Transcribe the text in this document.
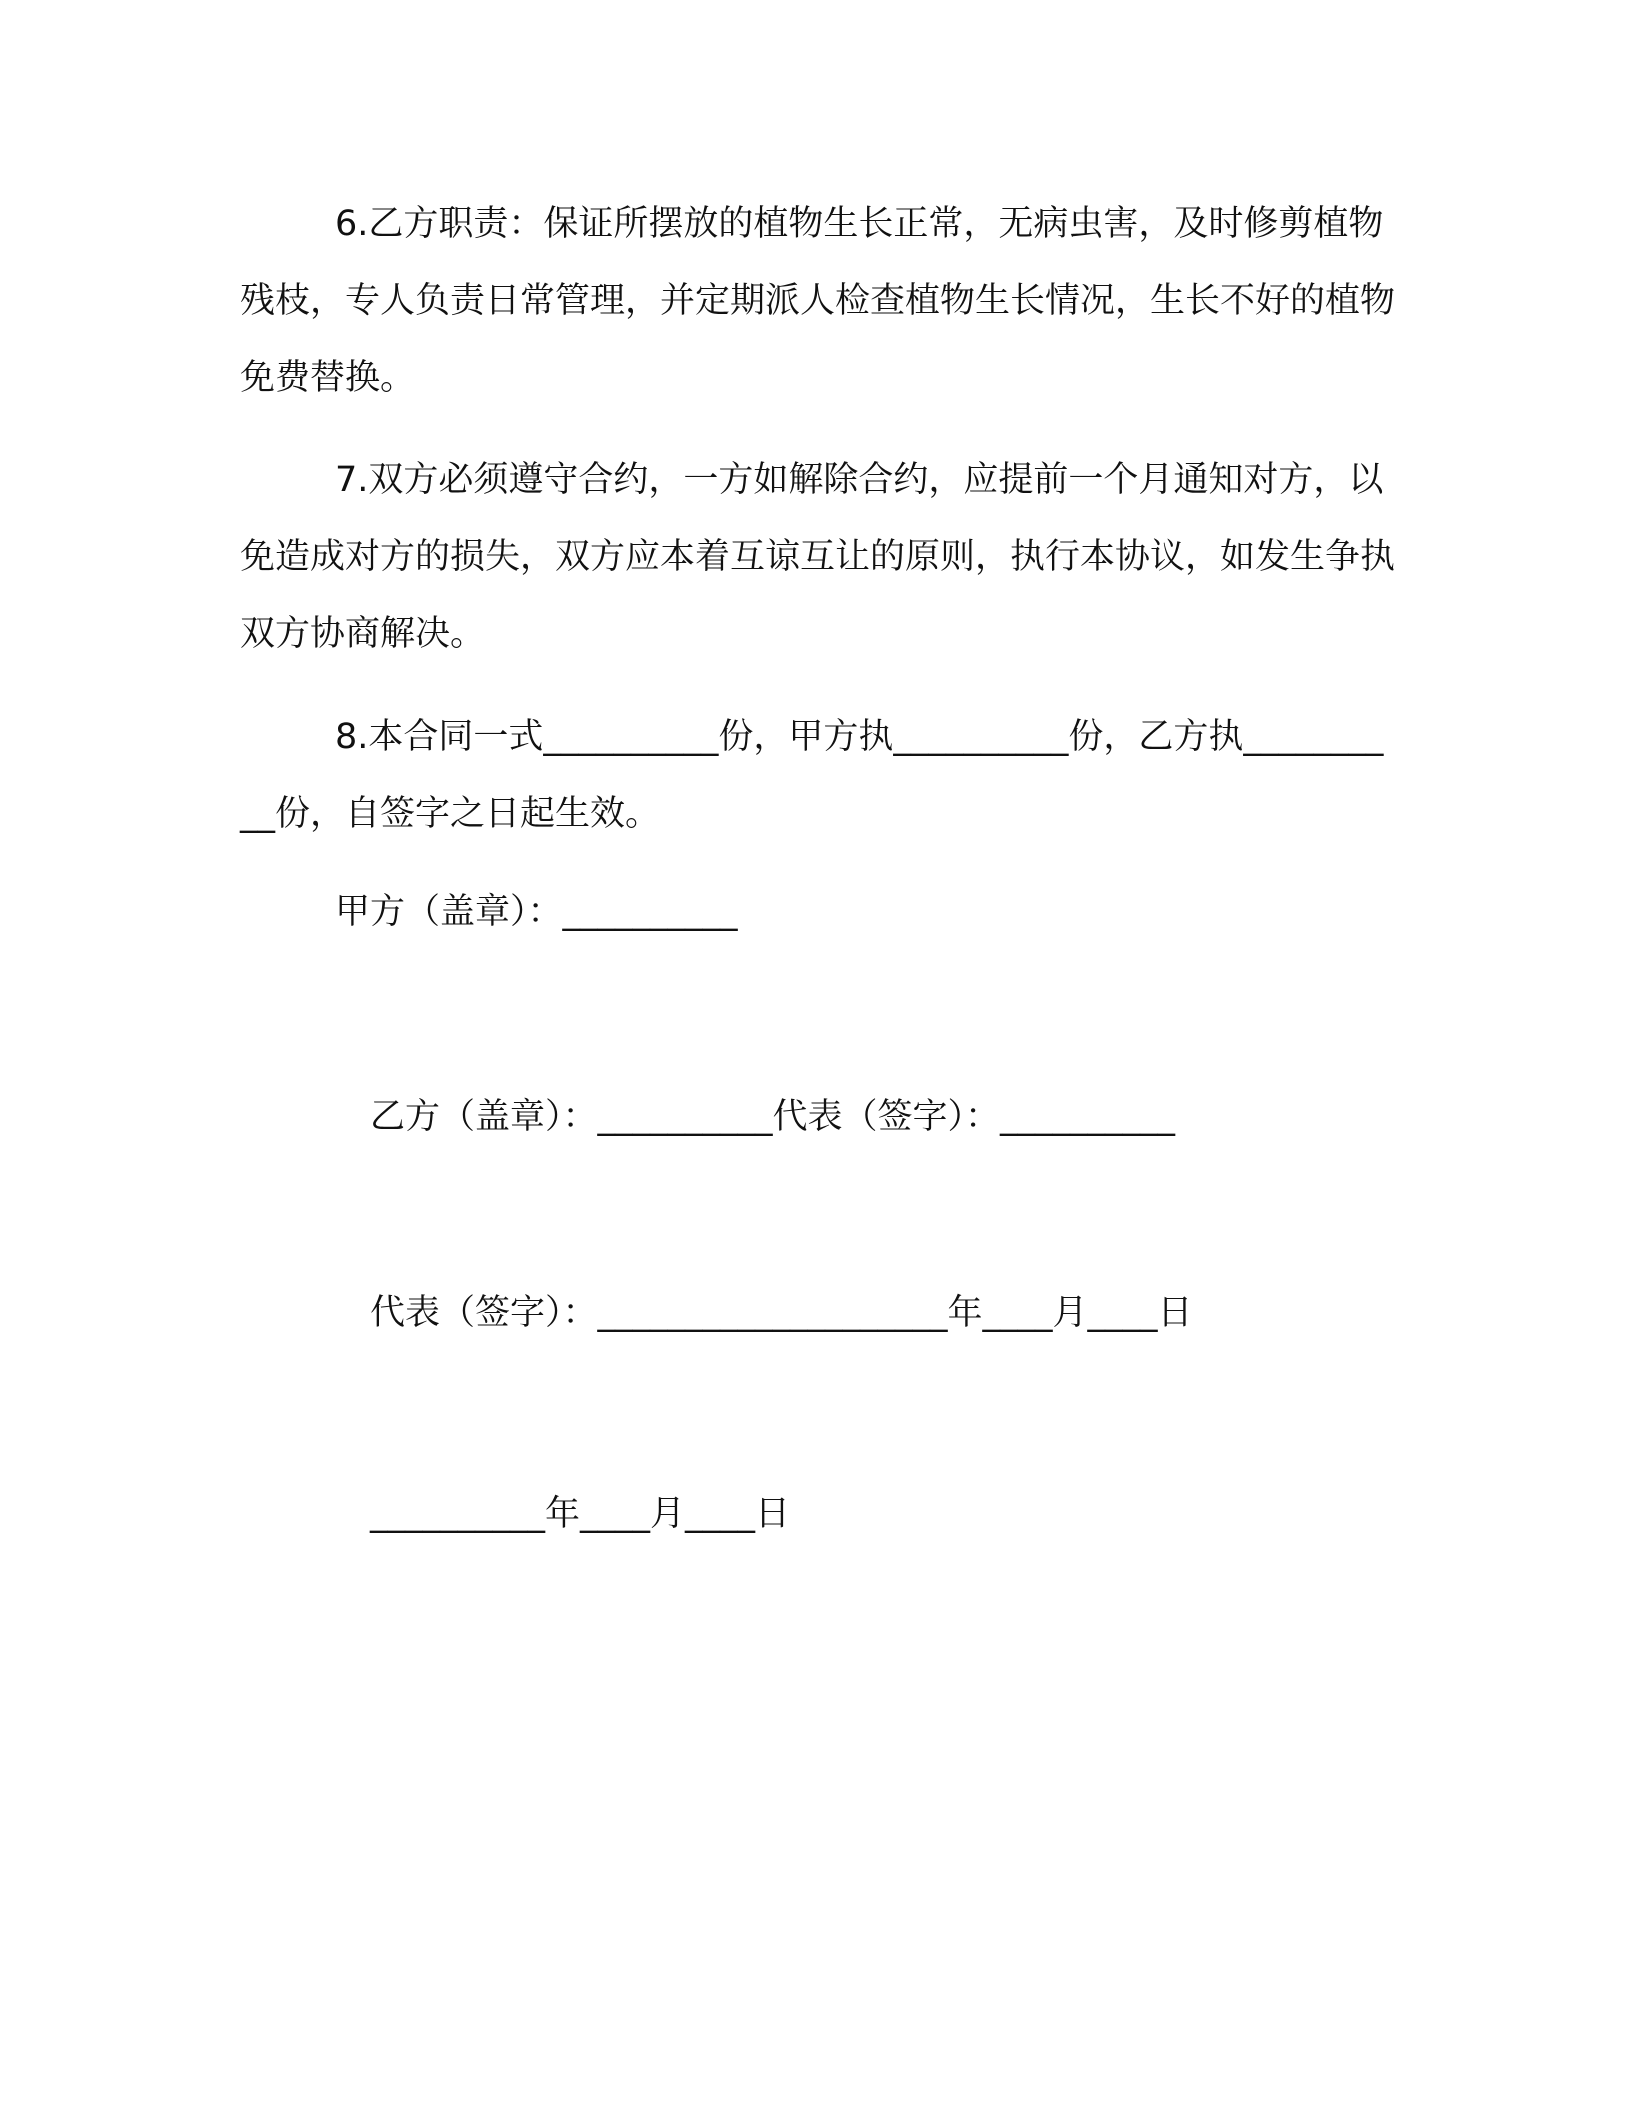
6.乙方职责：保证所摆放的植物生长正常，无病虫害，及时修剪植物残枝，专人负责日常管理，并定期派人检查植物生长情况，生长不好的植物免费替换。

7.双方必须遵守合约，一方如解除合约，应提前一个月通知对方，以免造成对方的损失，双方应本着互谅互让的原则，执行本协议，如发生争执双方协商解决。

8.本合同一式__________份，甲方执__________份，乙方执__________份，自签字之日起生效。

甲方（盖章）：__________

乙方（盖章）：__________代表（签字）：__________

代表（签字）：____________________年____月____日

__________年____月____日
